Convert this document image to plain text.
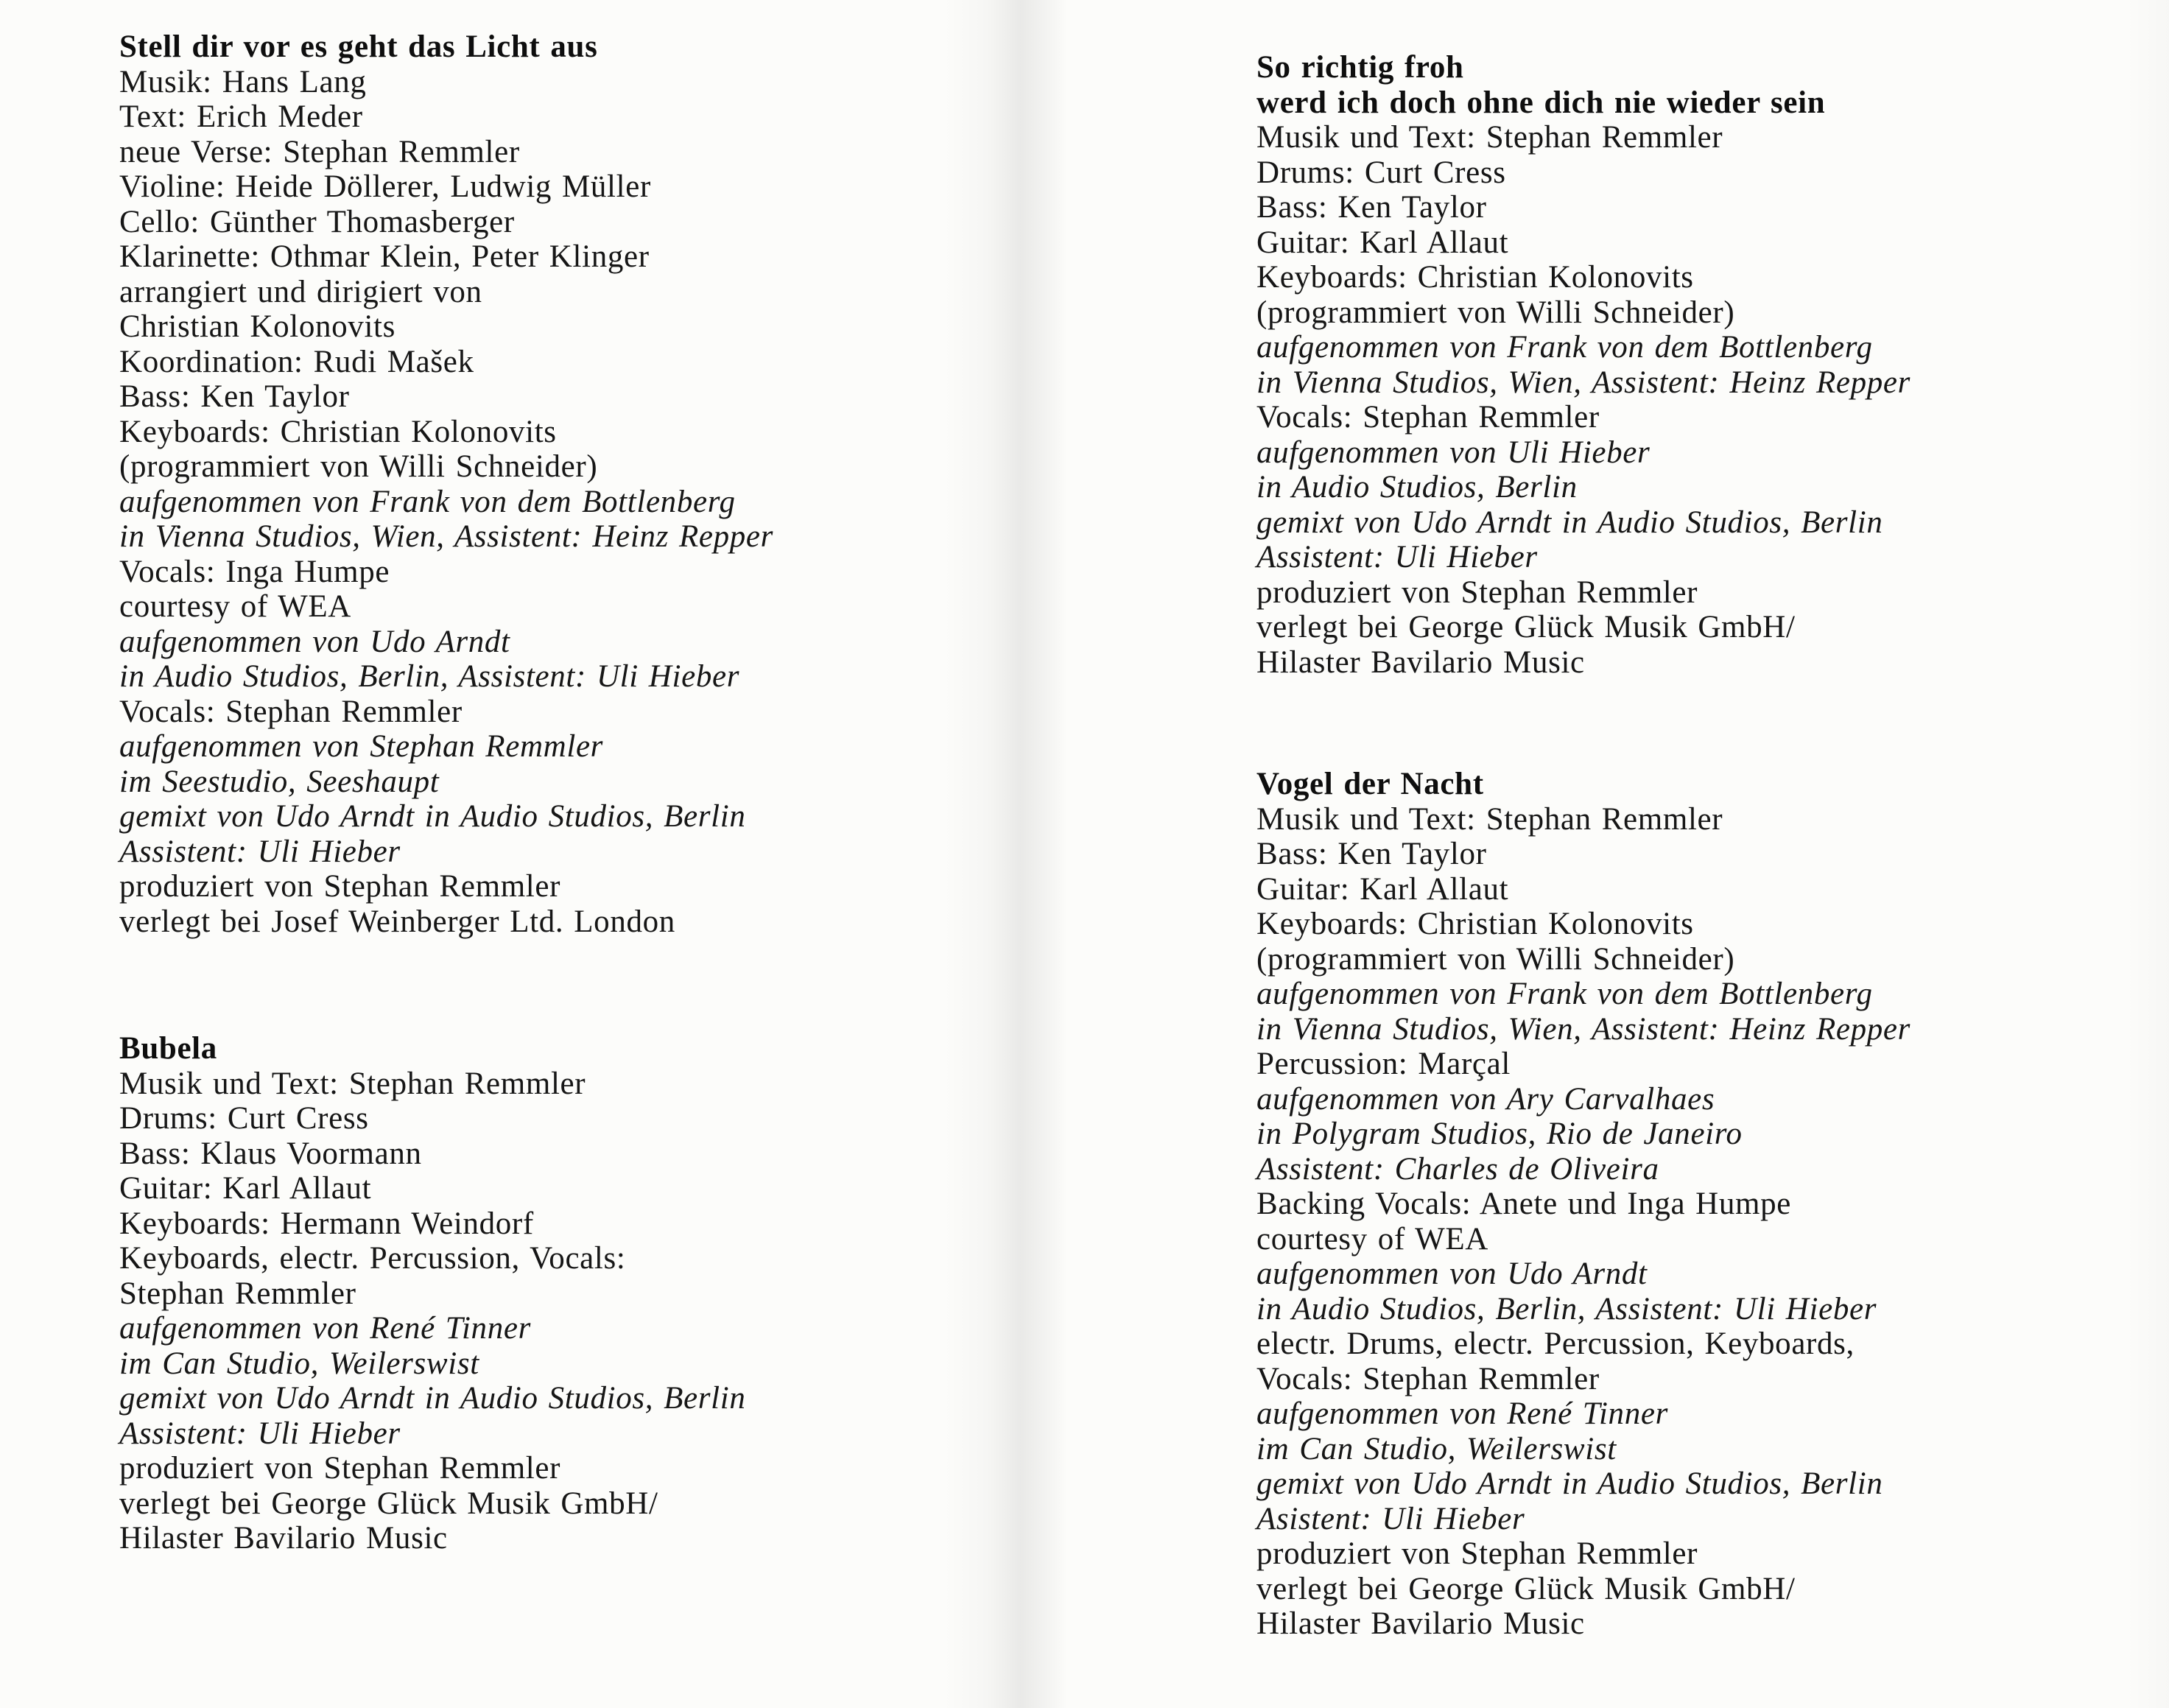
Stell dir vor es geht das Licht aus
Musik: Hans Lang
Text: Erich Meder
neue Verse: Stephan Remmler
Violine: Heide Döllerer, Ludwig Müller
Cello: Günther Thomasberger
Klarinette: Othmar Klein, Peter Klinger
arrangiert und dirigiert von
Christian Kolonovits
Koordination: Rudi Mašek
Bass: Ken Taylor
Keyboards: Christian Kolonovits
(programmiert von Willi Schneider)
aufgenommen von Frank von dem Bottlenberg
in Vienna Studios, Wien, Assistent: Heinz Repper
Vocals: Inga Humpe
courtesy of WEA
aufgenommen von Udo Arndt
in Audio Studios, Berlin, Assistent: Uli Hieber
Vocals: Stephan Remmler
aufgenommen von Stephan Remmler
im Seestudio, Seeshaupt
gemixt von Udo Arndt in Audio Studios, Berlin
Assistent: Uli Hieber
produziert von Stephan Remmler
verlegt bei Josef Weinberger Ltd. London
Bubela
Musik und Text: Stephan Remmler
Drums: Curt Cress
Bass: Klaus Voormann
Guitar: Karl Allaut
Keyboards: Hermann Weindorf
Keyboards, electr. Percussion, Vocals:
Stephan Remmler
aufgenommen von René Tinner
im Can Studio, Weilerswist
gemixt von Udo Arndt in Audio Studios, Berlin
Assistent: Uli Hieber
produziert von Stephan Remmler
verlegt bei George Glück Musik GmbH/
Hilaster Bavilario Music
So richtig froh
werd ich doch ohne dich nie wieder sein
Musik und Text: Stephan Remmler
Drums: Curt Cress
Bass: Ken Taylor
Guitar: Karl Allaut
Keyboards: Christian Kolonovits
(programmiert von Willi Schneider)
aufgenommen von Frank von dem Bottlenberg
in Vienna Studios, Wien, Assistent: Heinz Repper
Vocals: Stephan Remmler
aufgenommen von Uli Hieber
in Audio Studios, Berlin
gemixt von Udo Arndt in Audio Studios, Berlin
Assistent: Uli Hieber
produziert von Stephan Remmler
verlegt bei George Glück Musik GmbH/
Hilaster Bavilario Music
Vogel der Nacht
Musik und Text: Stephan Remmler
Bass: Ken Taylor
Guitar: Karl Allaut
Keyboards: Christian Kolonovits
(programmiert von Willi Schneider)
aufgenommen von Frank von dem Bottlenberg
in Vienna Studios, Wien, Assistent: Heinz Repper
Percussion: Marçal
aufgenommen von Ary Carvalhaes
in Polygram Studios, Rio de Janeiro
Assistent: Charles de Oliveira
Backing Vocals: Anete und Inga Humpe
courtesy of WEA
aufgenommen von Udo Arndt
in Audio Studios, Berlin, Assistent: Uli Hieber
electr. Drums, electr. Percussion, Keyboards,
Vocals: Stephan Remmler
aufgenommen von René Tinner
im Can Studio, Weilerswist
gemixt von Udo Arndt in Audio Studios, Berlin
Asistent: Uli Hieber
produziert von Stephan Remmler
verlegt bei George Glück Musik GmbH/
Hilaster Bavilario Music
